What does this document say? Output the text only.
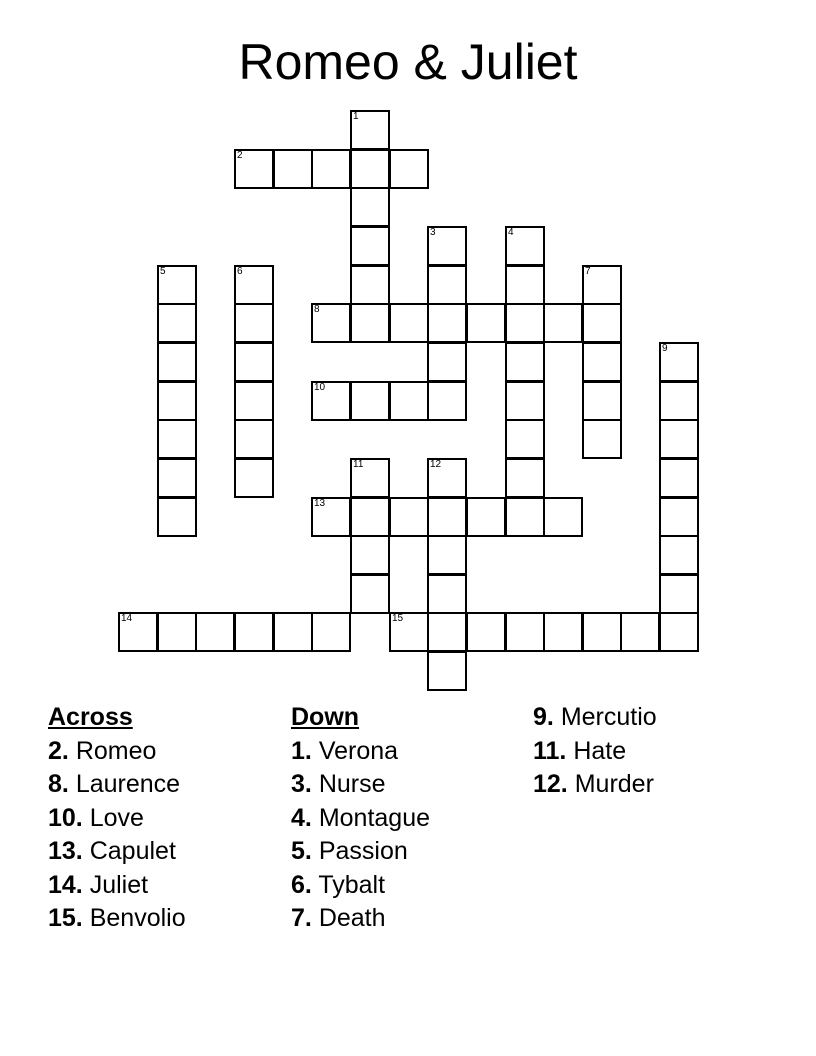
Romeo & Juliet
1
2
3	4
5	6	7
8
9
10
11	12
13
14	15
Across
2. Romeo
8. Laurence
10. Love
13. Capulet
14. Juliet
15. Benvolio
Down
1. Verona
3. Nurse
4. Montague
5. Passion
6. Tybalt
7. Death
9. Mercutio
11. Hate
12. Murder
